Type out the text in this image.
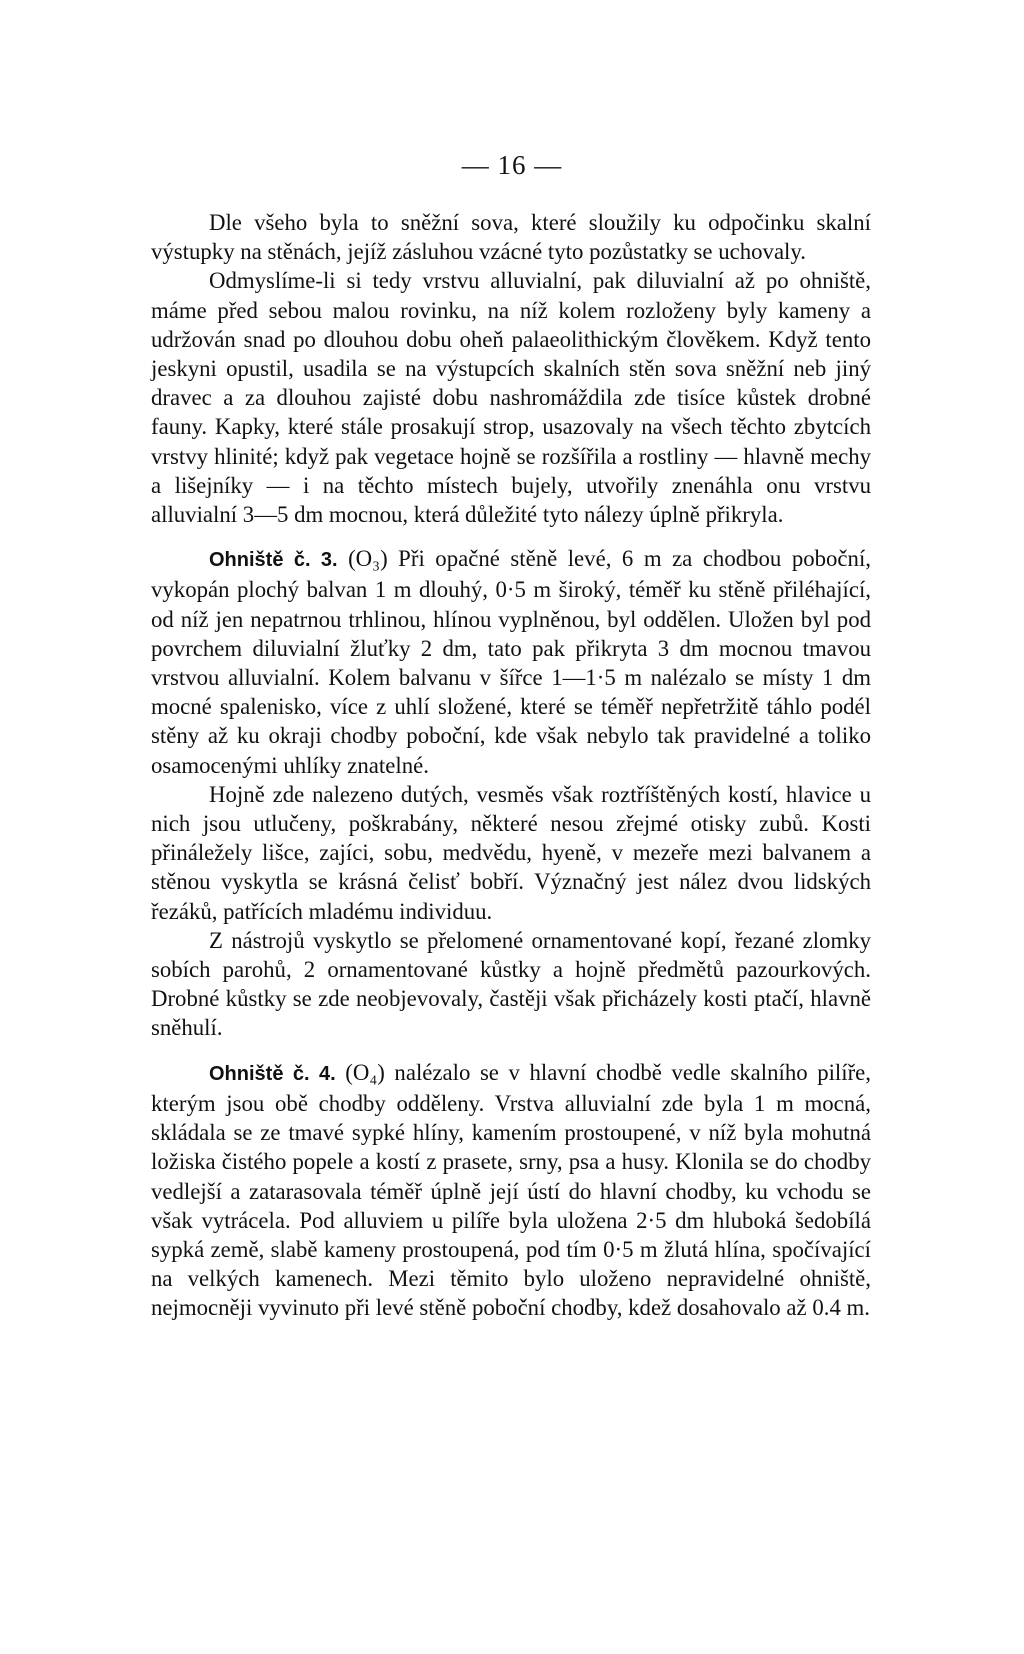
— 16 —

Dle všeho byla to sněžní sova, které sloužily ku odpočinku skalní výstupky na stěnách, jejíž zásluhou vzácné tyto pozůstatky se uchovaly.

Odmyslíme-li si tedy vrstvu alluvialní, pak diluvialní až po ohniště, máme před sebou malou rovinku, na níž kolem rozloženy byly kameny a udržován snad po dlouhou dobu oheň palaeolithickým člověkem. Když tento jeskyni opustil, usadila se na výstupcích skalních stěn sova sněžní neb jiný dravec a za dlouhou zajisté dobu nashromáždila zde tisíce kůstek drobné fauny. Kapky, které stále prosakují strop, usazovaly na všech těchto zbytcích vrstvy hlinité; když pak vegetace hojně se rozšířila a rostliny — hlavně mechy a lišejníky — i na těchto místech bujely, utvořily znenáhla onu vrstvu alluvialní 3—5 dm mocnou, která důležité tyto nálezy úplně přikryla.

Ohniště č. 3. (O₃) Při opačné stěně levé, 6 m za chodbou poboční, vykopán plochý balvan 1 m dlouhý, 0·5 m široký, téměř ku stěně přiléhající, od níž jen nepatrnou trhlinou, hlínou vyplněnou, byl oddělen. Uložen byl pod povrchem diluvialní žluťky 2 dm, tato pak přikryta 3 dm mocnou tmavou vrstvou alluvialní. Kolem balvanu v šířce 1—1·5 m nalézalo se místy 1 dm mocné spalenisko, více z uhlí složené, které se téměř nepřetržitě táhlo podél stěny až ku okraji chodby poboční, kde však nebylo tak pravidelné a toliko osamocenými uhlíky znatelné.

Hojně zde nalezeno dutých, vesměs však roztříštěných kostí, hlavice u nich jsou utlučeny, poškrabány, některé nesou zřejmé otisky zubů. Kosti přináležely lišce, zajíci, sobu, medvědu, hyeně, v mezeře mezi balvanem a stěnou vyskytla se krásná čelisť bobří. Význačný jest nález dvou lidských řezáků, patřících mladému individuu.

Z nástrojů vyskytlo se přelomené ornamentované kopí, řezané zlomky sobích parohů, 2 ornamentované kůstky a hojně předmětů pazourkových. Drobné kůstky se zde neobjevovaly, častěji však přicházely kosti ptačí, hlavně sněhulí.

Ohniště č. 4. (O₄) nalézalo se v hlavní chodbě vedle skalního pilíře, kterým jsou obě chodby odděleny. Vrstva alluvialní zde byla 1 m mocná, skládala se ze tmavé sypké hlíny, kamením prostoupené, v níž byla mohutná ložiska čistého popele a kostí z prasete, srny, psa a husy. Klonila se do chodby vedlejší a zatarasovala téměř úplně její ústí do hlavní chodby, ku vchodu se však vytrácela. Pod alluviem u pilíře byla uložena 2·5 dm hluboká šedobílá sypká země, slabě kameny prostoupená, pod tím 0·5 m žlutá hlína, spočívající na velkých kamenech. Mezi těmito bylo uloženo nepravidelné ohniště, nejmocněji vyvinuto při levé stěně poboční chodby, kdež dosahovalo až 0.4 m.
